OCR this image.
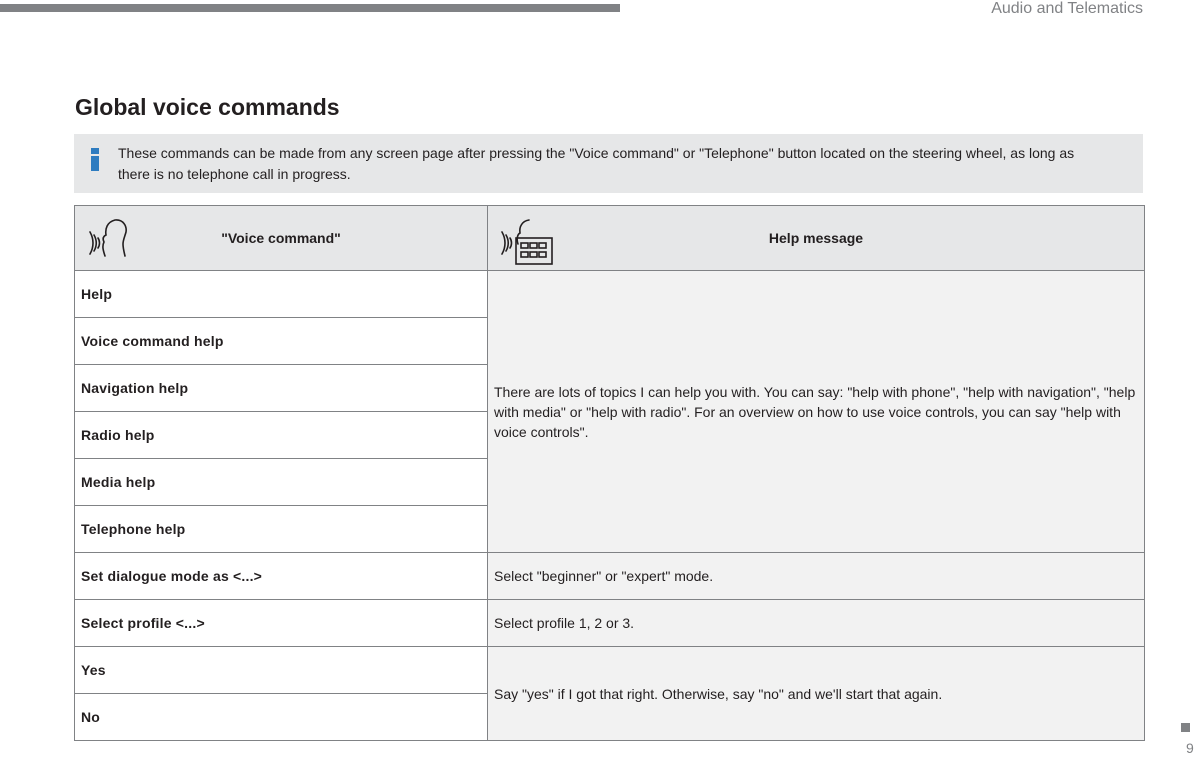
Audio and Telematics
Global voice commands
These commands can be made from any screen page after pressing the "Voice command" or "Telephone" button located on the steering wheel, as long as there is no telephone call in progress.
"Voice command"	Help message

Help	There are lots of topics I can help you with. You can say: "help with phone", "help with navigation", "help with media" or "help with radio". For an overview on how to use voice controls, you can say "help with voice controls".
Voice command help	
Navigation help	
Radio help	
Media help	
Telephone help	
Set dialogue mode as <...>	Select "beginner" or "expert" mode.
Select profile <...>	Select profile 1, 2 or 3.
Yes	Say "yes" if I got that right. Otherwise, say "no" and we'll start that again.
No	
9
